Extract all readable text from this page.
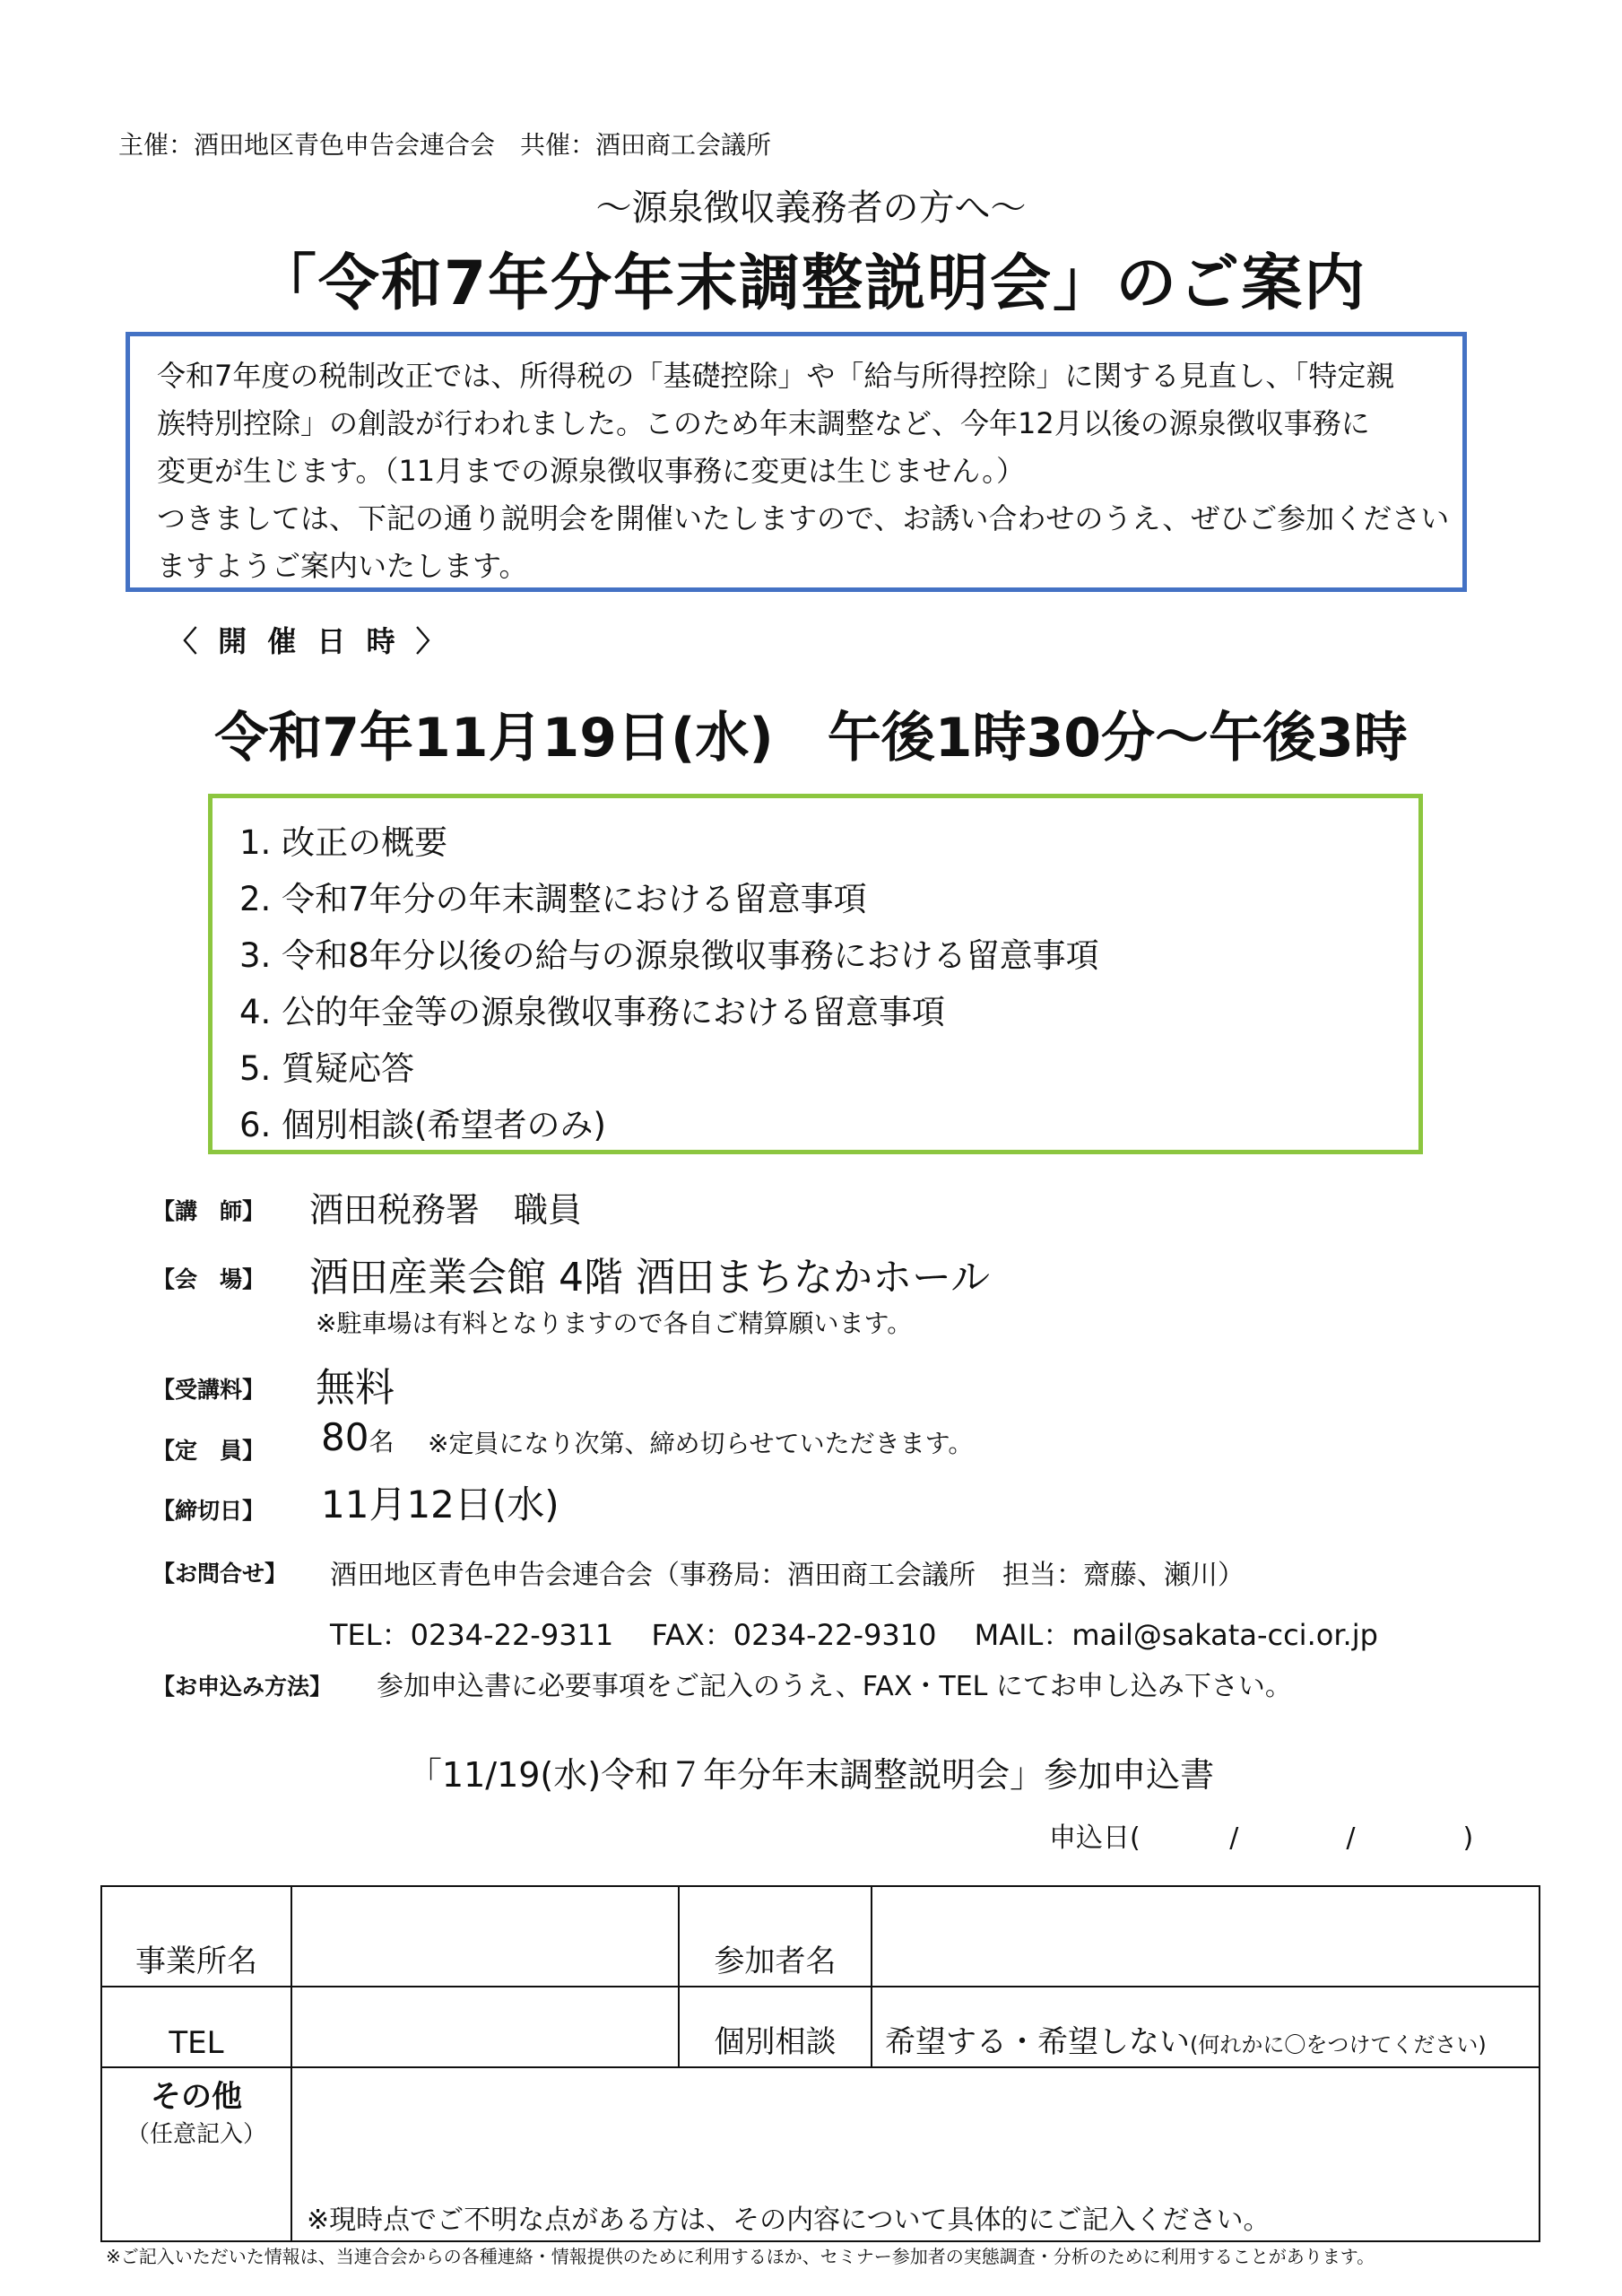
主催：酒田地区青色申告会連合会　共催：酒田商工会議所
～源泉徴収義務者の方へ～
「令和7年分年末調整説明会」のご案内
令和7年度の税制改正では、所得税の「基礎控除」や「給与所得控除」に関する見直し、「特定親
族特別控除」の創設が行われました。このため年末調整など、今年12月以後の源泉徴収事務に
変更が生じます。（11月までの源泉徴収事務に変更は生じません。）
つきましては、下記の通り説明会を開催いたしますので、お誘い合わせのうえ、ぜひご参加ください
ますようご案内いたします。
〈 開 催 日 時 〉
令和7年11月19日(水)　午後1時30分～午後3時
1. 改正の概要
2. 令和7年分の年末調整における留意事項
3. 令和8年分以後の給与の源泉徴収事務における留意事項
4. 公的年金等の源泉徴収事務における留意事項
5. 質疑応答
6. 個別相談(希望者のみ)
【講　師】 酒田税務署　職員
【会　場】 酒田産業会館 4階 酒田まちなかホール
※駐車場は有料となりますので各自ご精算願います。
【受講料】 無料
【定　員】 80名 ※定員になり次第、締め切らせていただきます。
【締切日】 11月12日(水)
【お問合せ】 酒田地区青色申告会連合会（事務局：酒田商工会議所　担当：齋藤、瀬川）
TEL：0234-22-9311　 FAX：0234-22-9310　 MAIL：mail@sakata-cci.or.jp
【お申込み方法】 参加申込書に必要事項をご記入のうえ、FAX・TEL にてお申し込み下さい。
「11/19(水)令和７年分年末調整説明会」参加申込書
申込日(　　　 /　　　　/　　　　)
事業所名		参加者名	
TEL		個別相談	希望する・希望しない(何れかに〇をつけてください)

その他
（任意記入）	※現時点でご不明な点がある方は、その内容について具体的にご記入ください。		
※ご記入いただいた情報は、当連合会からの各種連絡・情報提供のために利用するほか、セミナー参加者の実態調査・分析のために利用することがあります。
